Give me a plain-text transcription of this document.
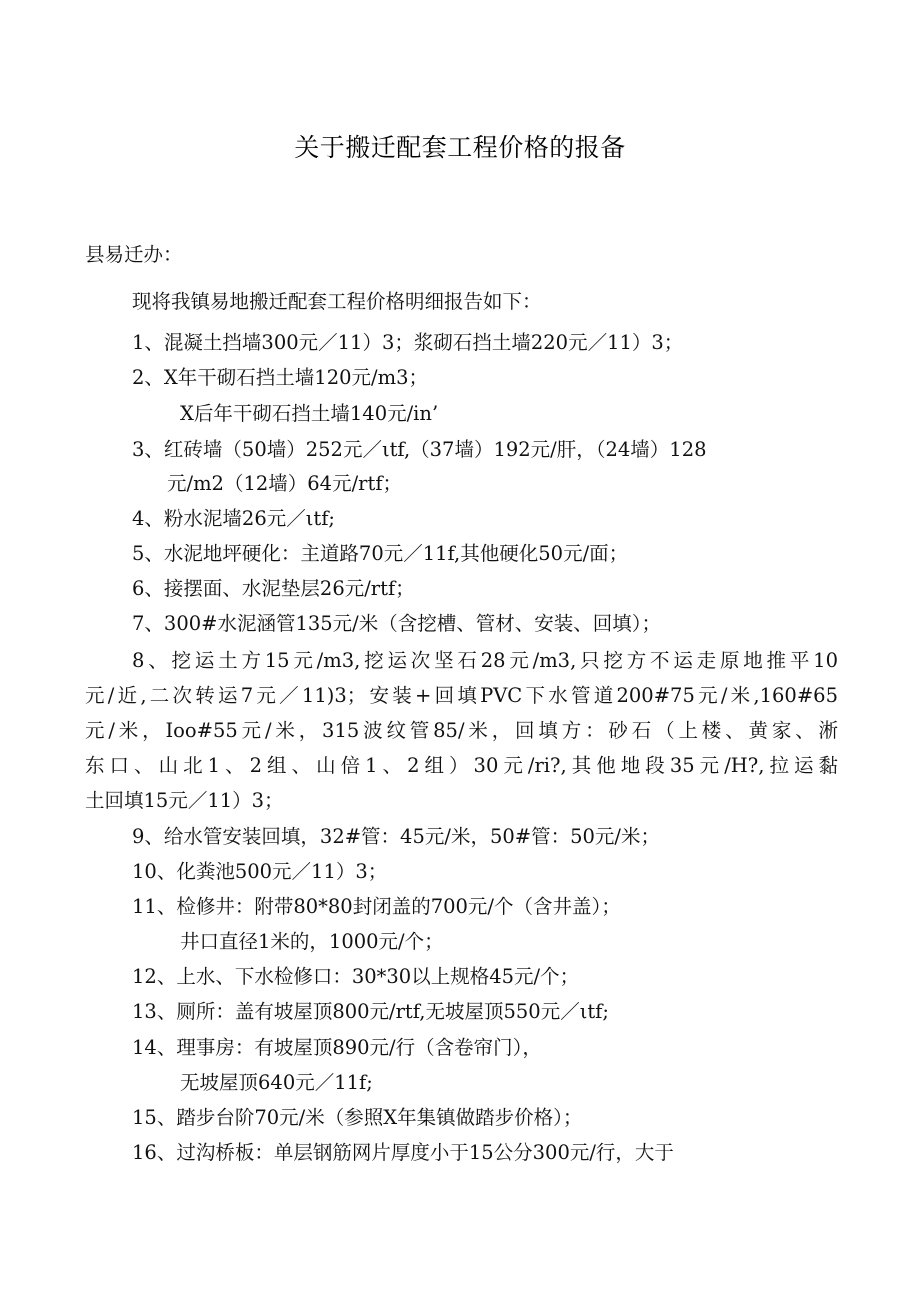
关于搬迁配套工程价格的报备
县易迁办：
现将我镇易地搬迁配套工程价格明细报告如下：
1、混凝土挡墙300元／11）3；浆砌石挡土墙220元／11）3；
2、X年干砌石挡土墙120元/m3；
X后年干砌石挡土墙140元/in’
3、红砖墙（50墙）252元／ιtf,（37墙）192元/肝，（24墙）128
元/m2（12墙）64元/rtf；
4、粉水泥墙26元／ιtf;
5、水泥地坪硬化：主道路70元／11f,其他硬化50元/面；
6、接摆面、水泥垫层26元/rtf；
7、300#水泥涵管135元/米（含挖槽、管材、安装、回填）；
8、挖运土方15元/m3,挖运次坚石28元/m3,只挖方不运走原地推平10
元/近,二次转运7元／11)3；安装+回填PVC下水管道200#75元/米,160#65
元/米，Ioo#55元/米，315波纹管85/米，回填方：砂石（上楼、黄家、淅
东口、山北1、2组、山倍1、2组）30元/ri?,其他地段35元/H?,拉运黏
土回填15元／11）3；
9、给水管安装回填，32#管：45元/米，50#管：50元/米；
10、化粪池500元／11）3；
11、检修井：附带80*80封闭盖的700元/个（含井盖）；
井口直径1米的，1000元/个；
12、上水、下水检修口：30*30以上规格45元/个；
13、厕所：盖有坡屋顶800元/rtf,无坡屋顶550元／ιtf;
14、理事房：有坡屋顶890元/行（含卷帘门），
无坡屋顶640元／11f;
15、踏步台阶70元/米（参照X年集镇做踏步价格）；
16、过沟桥板：单层钢筋网片厚度小于15公分300元/行，大于
